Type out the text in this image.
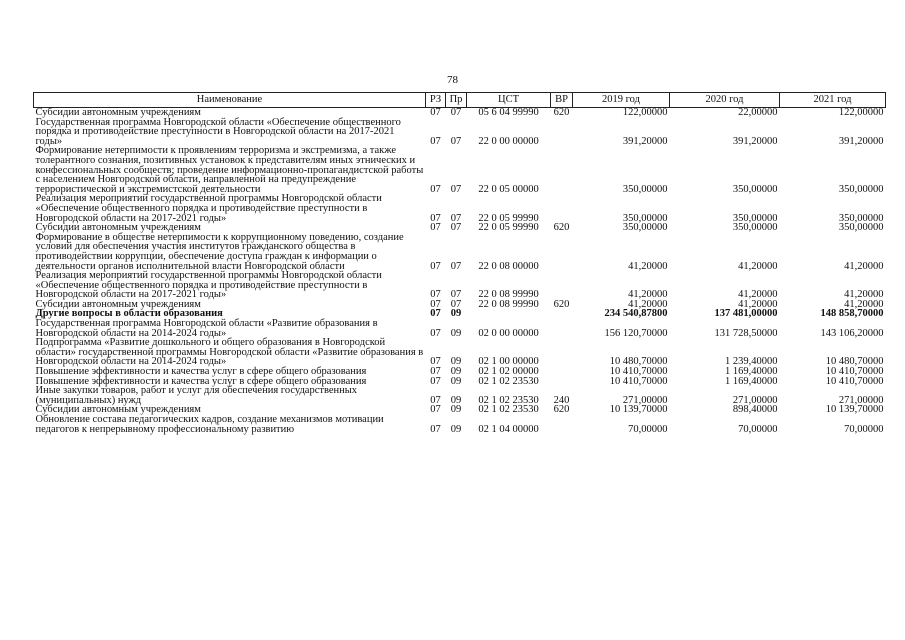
78
Наименование	РЗ	Пр	ЦСТ	ВР	2019 год	2020 год	2021 год
Субсидии автономным учреждениям	07	07	05 6 04 99990	620	122,00000	22,00000	122,00000
Государственная программа Новгородской области «Обеспечение общественного порядка и противодействие преступности в Новгородской области на 2017-2021 годы»	07	07	22 0 00 00000		391,20000	391,20000	391,20000
Формирование нетерпимости к проявлениям терроризма и экстремизма, а также толерантного сознания, позитивных установок к представителям иных этнических и конфессиональных сообществ; проведение информационно-пропагандистской работы с населением Новгородской области, направленной на предупреждение террористической и экстремистской деятельности	07	07	22 0 05 00000		350,00000	350,00000	350,00000
Реализация мероприятий государственной программы Новгородской области «Обеспечение общественного порядка и противодействие преступности в Новгородской области на 2017-2021 годы»	07	07	22 0 05 99990		350,00000	350,00000	350,00000
Субсидии автономным учреждениям	07	07	22 0 05 99990	620	350,00000	350,00000	350,00000
Формирование в обществе нетерпимости к коррупционному поведению, создание условий для обеспечения участия институтов гражданского общества в противодействии коррупции, обеспечение доступа граждан к информации о деятельности органов исполнительной власти Новгородской области	07	07	22 0 08 00000		41,20000	41,20000	41,20000
Реализация мероприятий государственной программы Новгородской области «Обеспечение общественного порядка и противодействие преступности в Новгородской области на 2017-2021 годы»	07	07	22 0 08 99990		41,20000	41,20000	41,20000
Субсидии автономным учреждениям	07	07	22 0 08 99990	620	41,20000	41,20000	41,20000
Другие вопросы в области образования	07	09			234 540,87800	137 481,00000	148 858,70000
Государственная программа Новгородской области «Развитие образования в Новгородской области на 2014-2024 годы»	07	09	02 0 00 00000		156 120,70000	131 728,50000	143 106,20000
Подпрограмма «Развитие дошкольного и общего образования в Новгородской области» государственной программы Новгородской области «Развитие образования в Новгородской области на 2014-2024 годы»	07	09	02 1 00 00000		10 480,70000	1 239,40000	10 480,70000
Повышение эффективности и качества услуг в сфере общего образования	07	09	02 1 02 00000		10 410,70000	1 169,40000	10 410,70000
Повышение эффективности и качества услуг в сфере общего образования	07	09	02 1 02 23530		10 410,70000	1 169,40000	10 410,70000
Иные закупки товаров, работ и услуг для обеспечения государственных (муниципальных) нужд	07	09	02 1 02 23530	240	271,00000	271,00000	271,00000
Субсидии автономным учреждениям	07	09	02 1 02 23530	620	10 139,70000	898,40000	10 139,70000
Обновление состава педагогических кадров, создание механизмов мотивации педагогов к непрерывному профессиональному развитию	07	09	02 1 04 00000		70,00000	70,00000	70,00000
